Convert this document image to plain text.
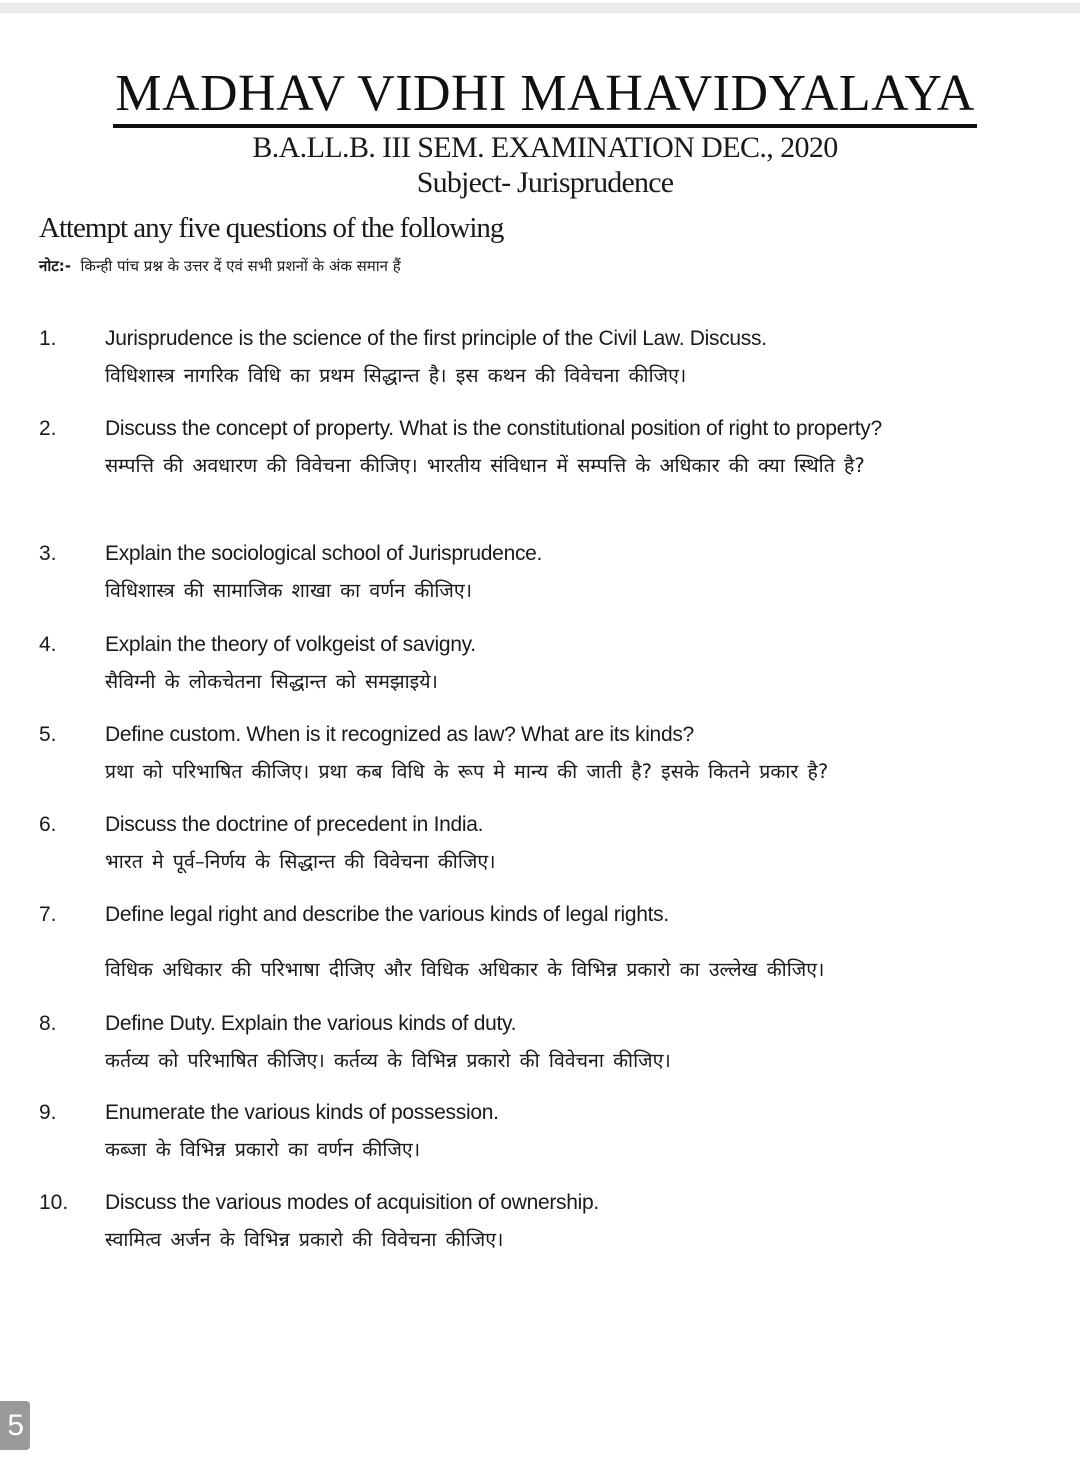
MADHAV VIDHI MAHAVIDYALAYA
B.A.LL.B. III SEM. EXAMINATION DEC., 2020
Subject- Jurisprudence
Attempt any five questions of the following
नोट:- किन्ही पांच प्रश्न के उत्तर दें एवं सभी प्रशनों के अंक समान हैं
1. Jurisprudence is the science of the first principle of the Civil Law. Discuss.
विधिशास्त्र नागरिक विधि का प्रथम सिद्धान्त है। इस कथन की विवेचना कीजिए।
2. Discuss the concept of property. What is the constitutional position of right to property?
सम्पत्ति की अवधारण की विवेचना कीजिए। भारतीय संविधान में सम्पत्ति के अधिकार की क्या स्थिति है?
3. Explain the sociological school of Jurisprudence.
विधिशास्त्र की सामाजिक शाखा का वर्णन कीजिए।
4. Explain the theory of volkgeist of savigny.
सैविग्नी के लोकचेतना सिद्धान्त को समझाइये।
5. Define custom. When is it recognized as law? What are its kinds?
प्रथा को परिभाषित कीजिए। प्रथा कब विधि के रूप मे मान्य की जाती है? इसके कितने प्रकार है?
6. Discuss the doctrine of precedent in India.
भारत मे पूर्व–निर्णय के सिद्धान्त की विवेचना कीजिए।
7. Define legal right and describe the various kinds of legal rights.
विधिक अधिकार की परिभाषा दीजिए और विधिक अधिकार के विभिन्न प्रकारो का उल्लेख कीजिए।
8. Define Duty. Explain the various kinds of duty.
कर्तव्य को परिभाषित कीजिए। कर्तव्य के विभिन्न प्रकारो की विवेचना कीजिए।
9. Enumerate the various kinds of possession.
कब्जा के विभिन्न प्रकारो का वर्णन कीजिए।
10. Discuss the various modes of acquisition of ownership.
स्वामित्व अर्जन के विभिन्न प्रकारो की विवेचना कीजिए।
5
